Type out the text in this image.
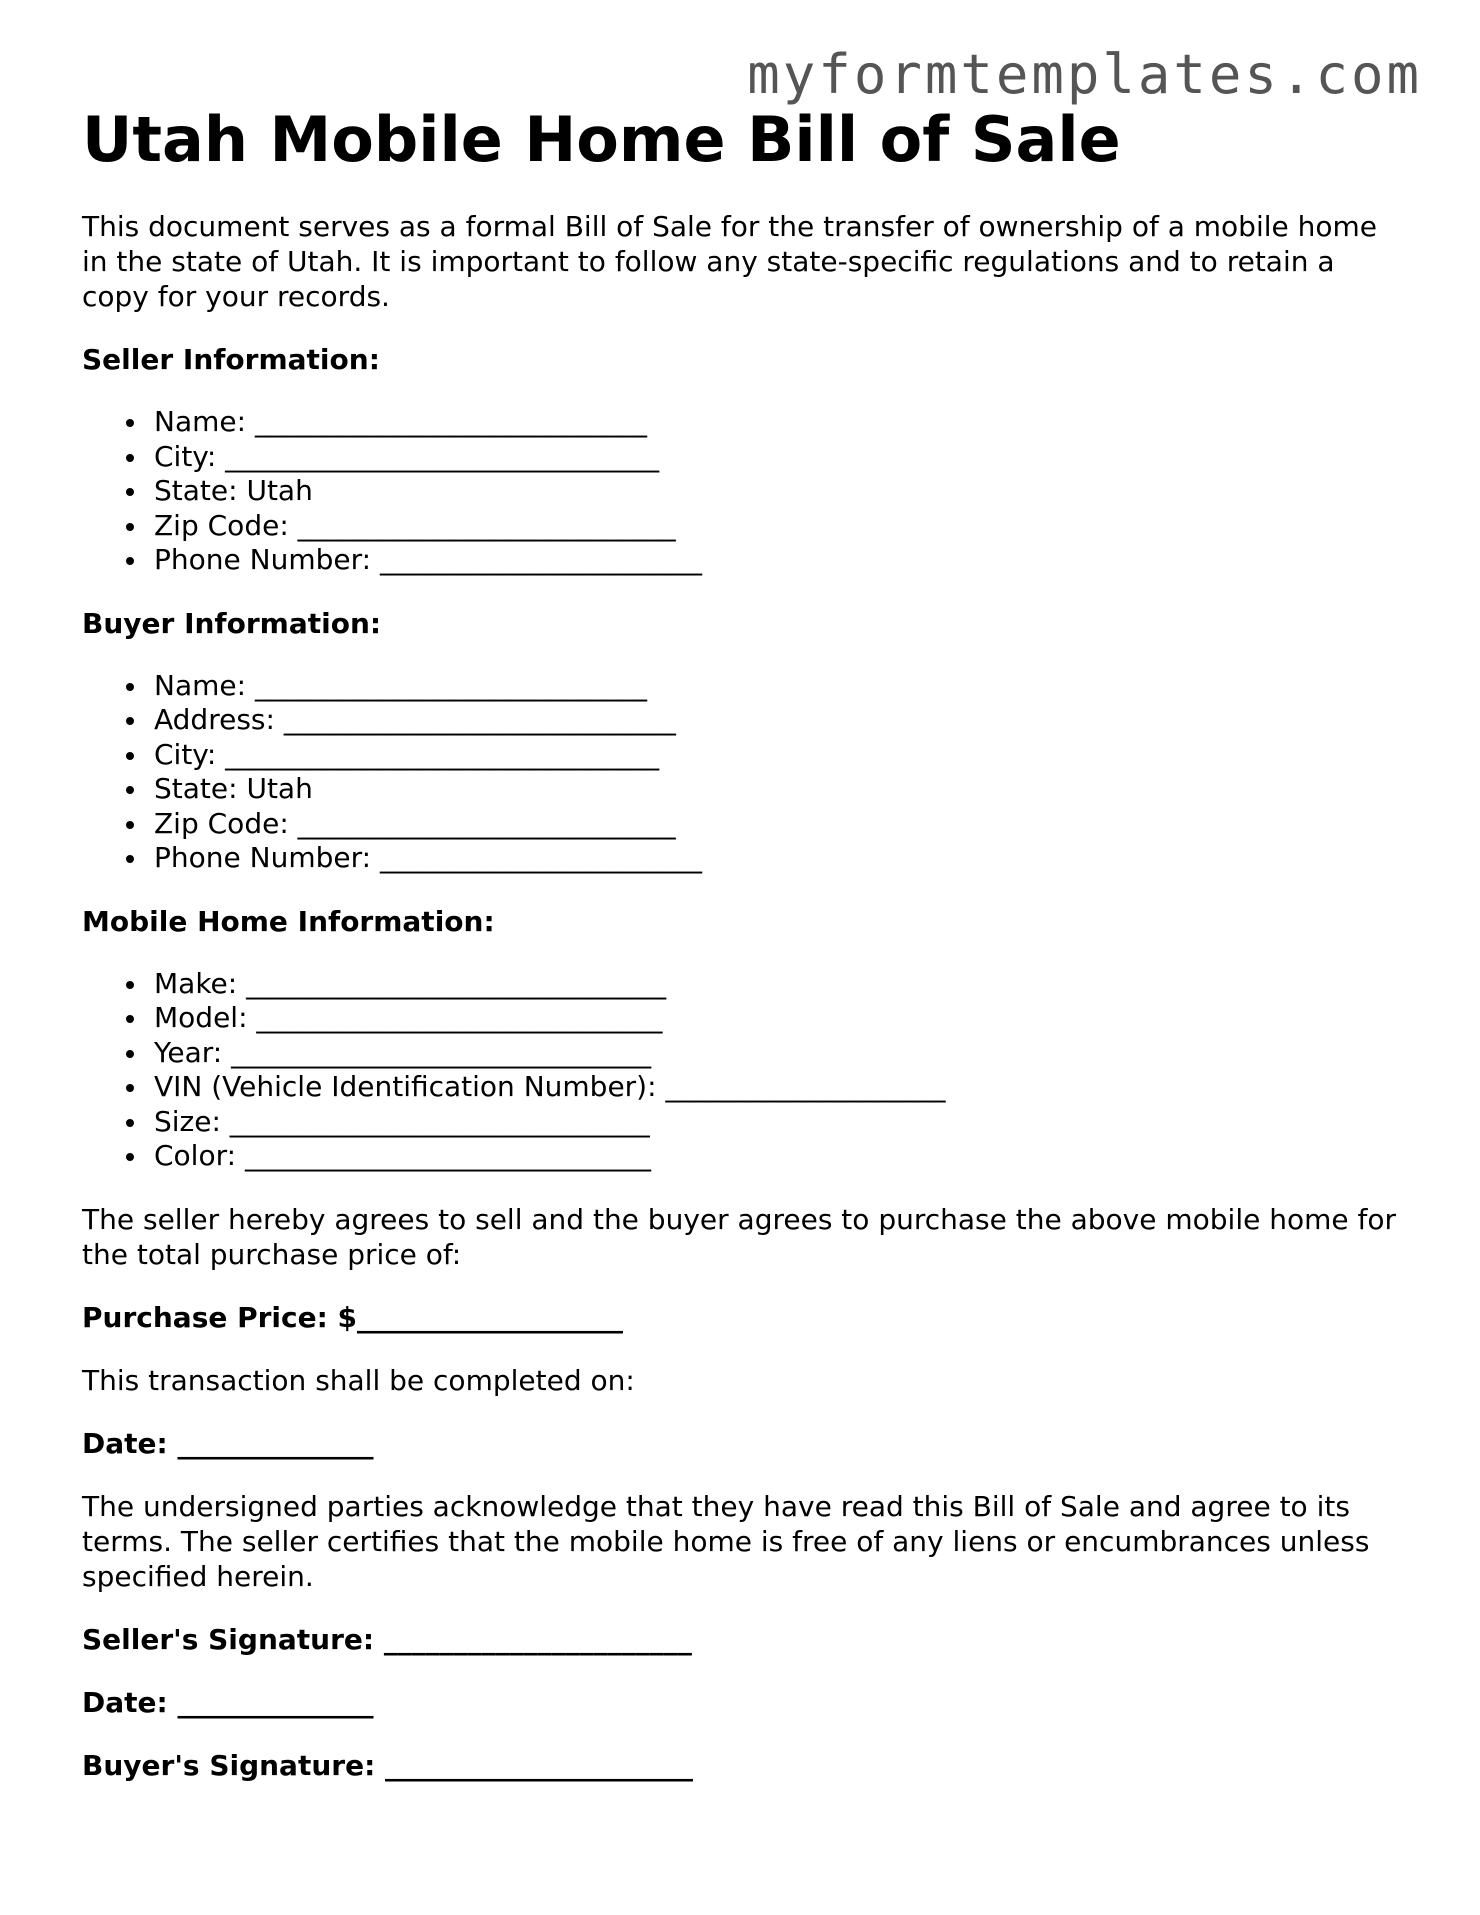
myformtemplates.com
Utah Mobile Home Bill of Sale

This document serves as a formal Bill of Sale for the transfer of ownership of a mobile home in the state of Utah. It is important to follow any state-specific regulations and to retain a copy for your records.

Seller Information:
Name: ____________________________
City: _______________________________
State: Utah
Zip Code: ___________________________
Phone Number: _______________________
Buyer Information:
Name: ____________________________
Address: ____________________________
City: _______________________________
State: Utah
Zip Code: ___________________________
Phone Number: _______________________
Mobile Home Information:
Make: ______________________________
Model: _____________________________
Year: ______________________________
VIN (Vehicle Identification Number): ____________________
Size: ______________________________
Color: _____________________________

The seller hereby agrees to sell and the buyer agrees to purchase the above mobile home for the total purchase price of:

Purchase Price: $___________________

This transaction shall be completed on:

Date: ______________

The undersigned parties acknowledge that they have read this Bill of Sale and agree to its terms. The seller certifies that the mobile home is free of any liens or encumbrances unless specified herein.

Seller's Signature: ______________________

Date: ______________

Buyer's Signature: ______________________
